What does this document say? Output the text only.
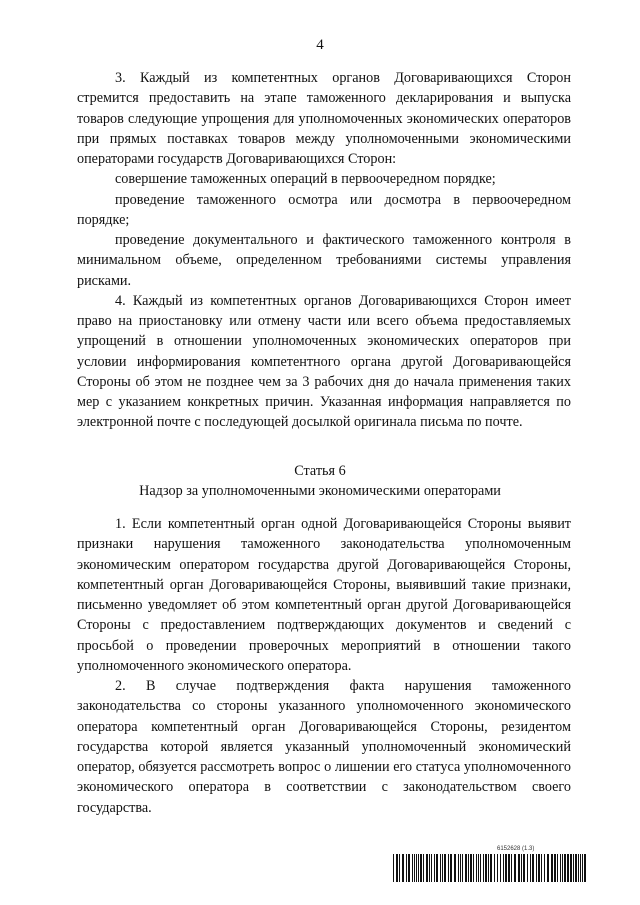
4

3. Каждый из компетентных органов Договаривающихся Сторон стремится предоставить на этапе таможенного декларирования и выпуска товаров следующие упрощения для уполномоченных экономических операторов при прямых поставках товаров между уполномоченными экономическими операторами государств Договаривающихся Сторон:

совершение таможенных операций в первоочередном порядке;

проведение таможенного осмотра или досмотра в первоочередном порядке;

проведение документального и фактического таможенного контроля в минимальном объеме, определенном требованиями системы управления рисками.

4. Каждый из компетентных органов Договаривающихся Сторон имеет право на приостановку или отмену части или всего объема предоставляемых упрощений в отношении уполномоченных экономических операторов при условии информирования компетентного органа другой Договаривающейся Стороны об этом не позднее чем за 3 рабочих дня до начала применения таких мер с указанием конкретных причин. Указанная информация направляется по электронной почте с последующей досылкой оригинала письма по почте.

Статья 6
Надзор за уполномоченными экономическими операторами

1. Если компетентный орган одной Договаривающейся Стороны выявит признаки нарушения таможенного законодательства уполномоченным экономическим оператором государства другой Договаривающейся Стороны, компетентный орган Договаривающейся Стороны, выявивший такие признаки, письменно уведомляет об этом компетентный орган другой Договаривающейся Стороны с предоставлением подтверждающих документов и сведений с просьбой о проведении проверочных мероприятий в отношении такого уполномоченного экономического оператора.

2. В случае подтверждения факта нарушения таможенного законодательства со стороны указанного уполномоченного экономического оператора компетентный орган Договаривающейся Стороны, резидентом государства которой является указанный уполномоченный экономический оператор, обязуется рассмотреть вопрос о лишении его статуса уполномоченного экономического оператора в соответствии с законодательством своего государства.

6152628 (1.3)
